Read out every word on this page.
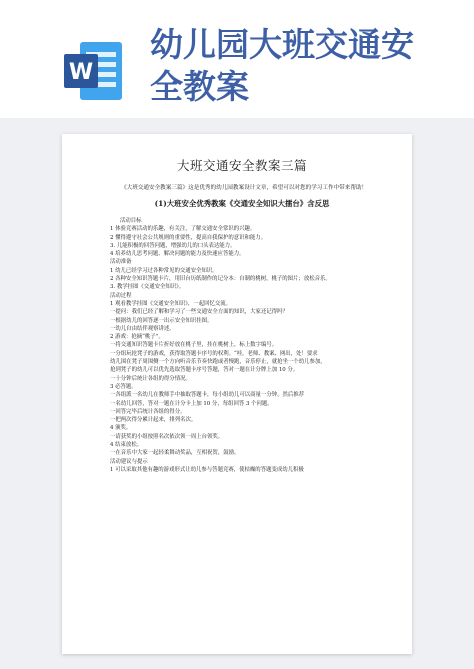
W
幼儿园大班交通安
全教案
大班交通安全教案三篇
《大班交通安全教案三篇》这是优秀的幼儿园教案设计文章，希望可以对您的学习工作中带来帮助！
(1)大班安全优秀教案《交通安全知识大擂台》含反思
活动目标
1 体验竞赛活动的乐趣，有关注，了解交通安全常识的兴趣。
2 懂得遵守社会公共规则的重要性，提高自我保护的意识和能力。
3. 儿能积极的回答问题，增强幼儿的口头表达能力。
4 培养幼儿思考问题、解决问题的能力及快速应答能力。
活动准备
1 幼儿已经学习过各种常见的交通安全知识。
2 各种安全知识答题卡片，用旧台历纸制作的记分本：自制的桃树，桃子的图片；放松音乐。
3. 教学挂图《交通安全知识》。
活动过程
1 观看教学挂图《交通安全知识》，一起回忆交流。
一提问：我们已经了解和学习了一些交通安全方面的知识，大家还记得吗？
一根据幼儿的回答逐一出示安全知识挂图。
一幼儿自由结伴观察讲述。
2 游戏：抢摘“桃子”。
一将交通知识答题卡片折好放在桃子里，挂在桃树上，标上数字编号。
一分组玩抢凳子的游戏，获得取答题卡序号的权利。“哇，老师、教案、网出，处！要求
幼儿围在凳子周围侧一个方向听音乐节奏快跑或者慢跑，音乐停止，就抢坐一个幼儿参加，
抢到凳子的幼儿可以优先选取答题卡序号答题，答对一题在计分牌上加 10 分。
一十分钟后统计各组的得分情况。
3 必答题。
一各组派一名幼儿在教师手中抽取答题卡，每小组幼儿可以商量一分钟，然后推荐
一名幼儿回答，答对一题在计分卡上加 10 分，每组回答 3 个问题。
一回答完毕后统计各组的得分。
一把两次得分累计起来，排列名次。
4 颁奖。
一请获奖的小组按照名次依次领一周上台领奖。
4 结束放松。
一在音乐中大家一起轻柔舞动奖品，互相祝贺，鼓励。
活动建议与提示
1 可以采取其他有趣的游戏形式让幼儿参与答题竞赛，使枯燥的答题变成幼儿积极
